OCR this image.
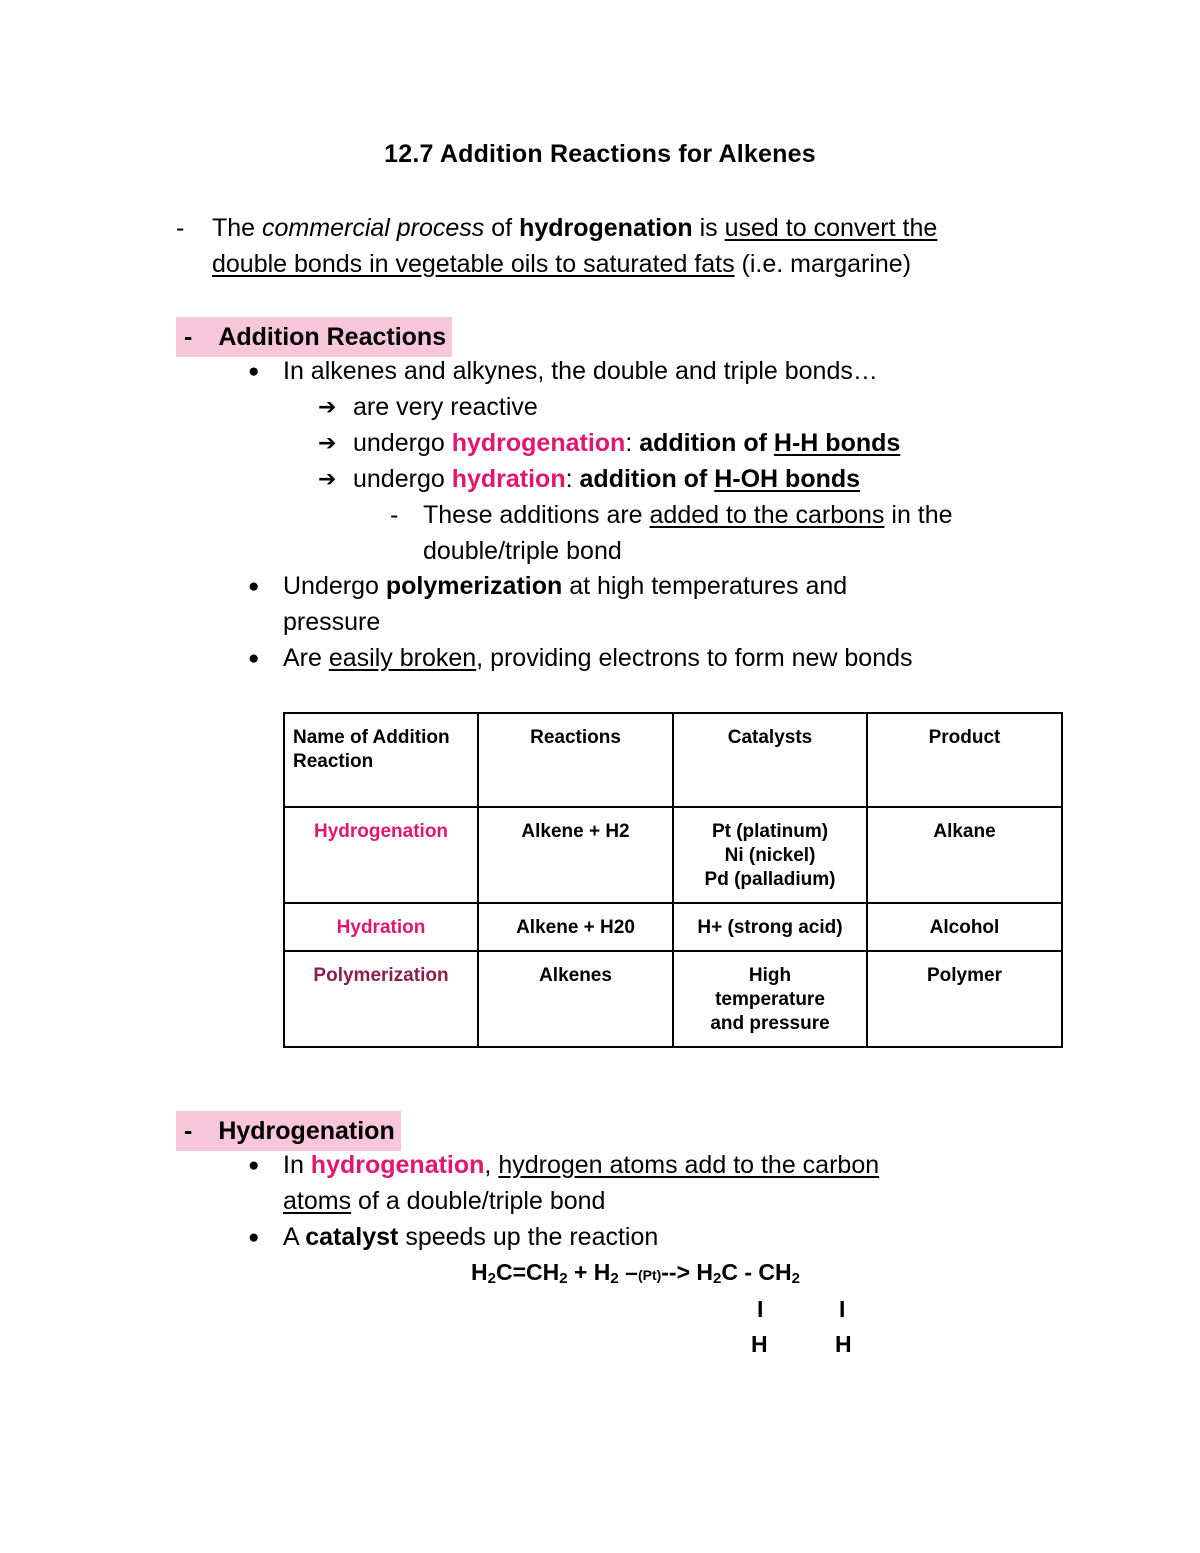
12.7 Addition Reactions for Alkenes
- The commercial process of hydrogenation is used to convert the
double bonds in vegetable oils to saturated fats (i.e. margarine)
- Addition Reactions
● In alkenes and alkynes, the double and triple bonds…
➔ are very reactive
➔ undergo hydrogenation: addition of H-H bonds
➔ undergo hydration: addition of H-OH bonds
- These additions are added to the carbons in the
double/triple bond
● Undergo polymerization at high temperatures and
pressure
● Are easily broken, providing electrons to form new bonds
Name of Addition Reaction	Reactions	Catalysts	Product
Hydrogenation	Alkene + H2	Pt (platinum)
Ni (nickel)
Pd (palladium)	Alkane
Hydration	Alkene + H20	H+ (strong acid)	Alcohol
Polymerization	Alkenes	High temperature and pressure	Polymer
- Hydrogenation
● In hydrogenation, hydrogen atoms add to the carbon
atoms of a double/triple bond
● A catalyst speeds up the reaction
$H_2C=CH_2 + H_2$ $-(Pt)--> H_2C - CH_2$
I	I
H	H
